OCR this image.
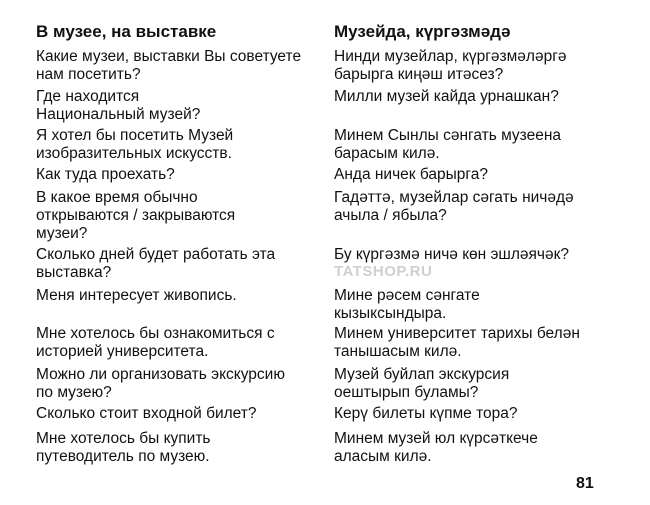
В музее, на выставке
Какие музеи, выставки Вы советуете
нам посетить?
Где находится
Национальный музей?
Я хотел бы посетить Музей
изобразительных искусств.
Как туда проехать?
В какое время обычно
открываются / закрываются
музеи?
Сколько дней будет работать эта
выставка?
Меня интересует живопись.
Мне хотелось бы ознакомиться с
историей университета.
Можно ли организовать экскурсию
по музею?
Сколько стоит входной билет?
Мне хотелось бы купить
путеводитель по музею.
Музейда, күргәзмәдә
Нинди музейлар, күргәзмәләргә
барырга киңәш итәсез?
Милли музей кайда урнашкан?
Минем Сынлы сәнгать музеена
барасым килә.
Анда ничек барырга?
Гадәттә, музейлар сәгать ничәдә
ачыла / ябыла?
Бу күргәзмә ничә көн эшләячәк?
Мине рәсем сәнгате
кызыксындыра.
Минем университет тарихы белән
танышасым килә.
Музей буйлап экскурсия
оештырып буламы?
Керү билеты күпме тора?
Минем музей юл күрсәткече
аласым килә.
TATSHOP.RU
81
